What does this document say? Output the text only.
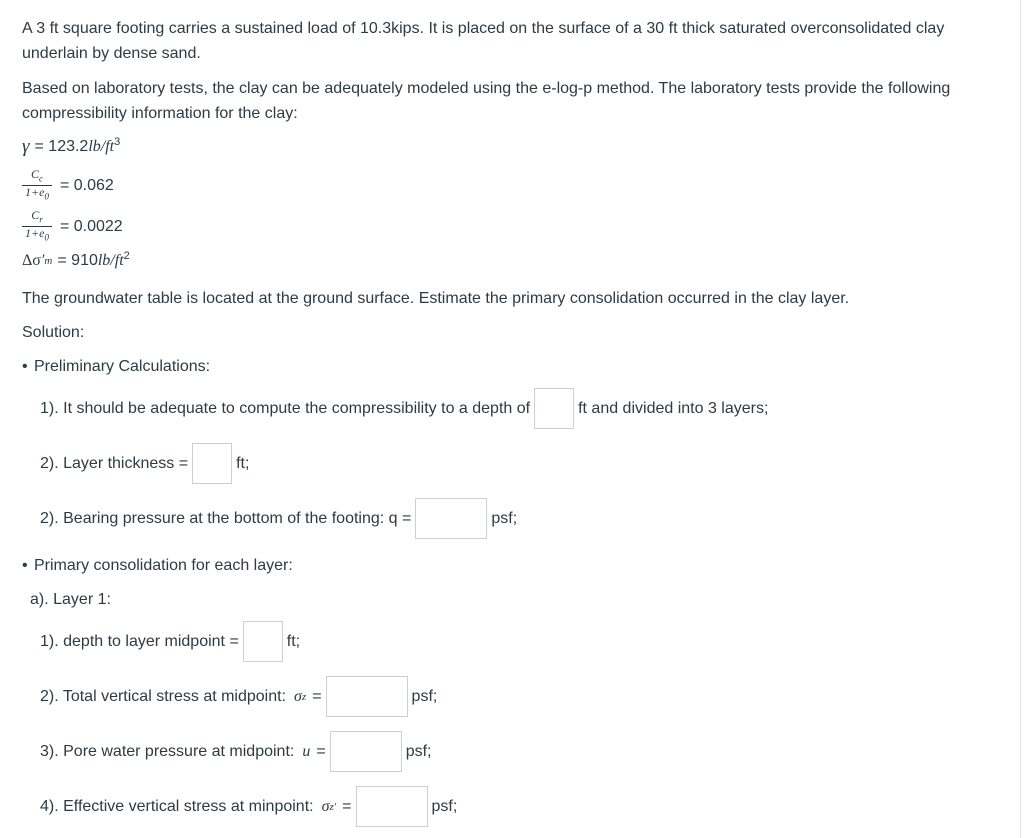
A 3 ft square footing carries a sustained load of 10.3kips. It is placed on the surface of a 30 ft thick saturated overconsolidated clay underlain by dense sand.

Based on laboratory tests, the clay can be adequately modeled using the e-log-p method. The laboratory tests provide the following compressibility information for the clay:

γ = 123.2 $lb/ft^3$
$\frac{C_c}{1+e_0} = 0.062$
$\frac{C_r}{1+e_0} = 0.0022$
Δσ ′ m = 910 $lb/ft^2$

The groundwater table is located at the ground surface. Estimate the primary consolidation occurred in the clay layer.

Solution:

• Preliminary Calculations:

1). It should be adequate to compute the compressibility to a depth of	ft and divided into 3 layers;
2). Layer thickness =	ft;
2). Bearing pressure at the bottom of the footing: q =	psf;

• Primary consolidation for each layer:

a). Layer 1:

1). depth to layer midpoint =	ft;
2). Total vertical stress at midpoint: σ z =	psf;
3). Pore water pressure at midpoint: u =	psf;
4). Effective vertical stress at minpoint: σ z′ =	psf;
